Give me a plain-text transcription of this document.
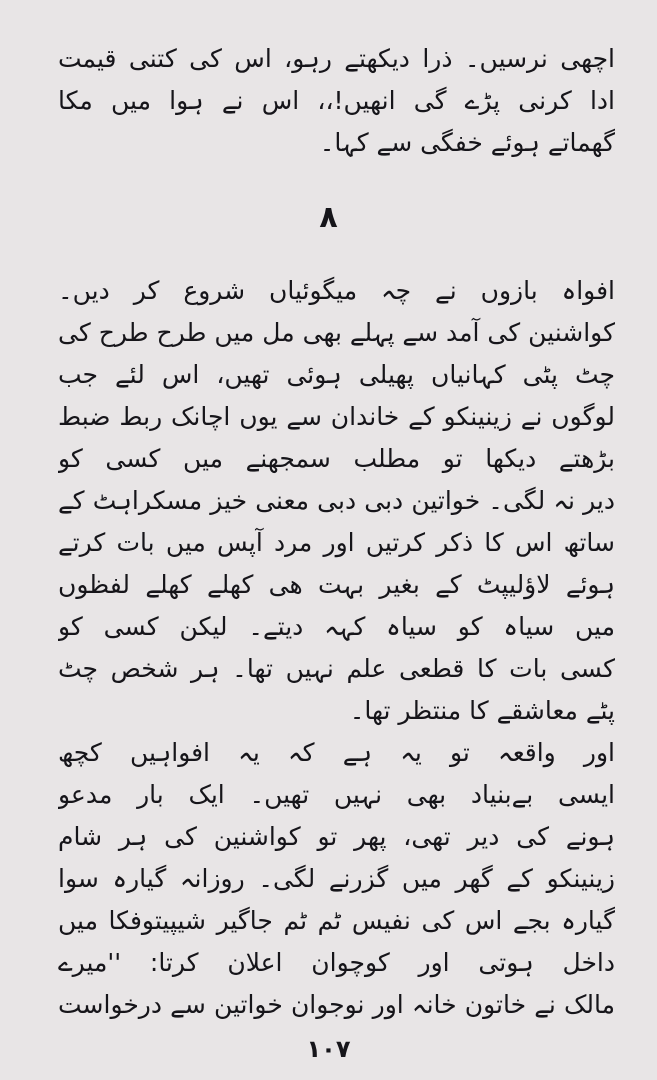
اچھی نرسیں۔ ذرا دیکھتے رہو، اس کی کتنی قیمت
ادا کرنی پڑے گی انھیں!،، اس نے ہوا میں مکا
گھماتے ہوئے خفگی سے کہا۔
۸
افواہ بازوں نے چہ میگوئیاں شروع کر دیں۔
کواشنین کی آمد سے پہلے بھی مل میں طرح طرح کی
چٹ پٹی کہانیاں پھیلی ہوئی تھیں، اس لئے جب
لوگوں نے زینینکو کے خاندان سے یوں اچانک ربط ضبط
بڑھتے دیکھا تو مطلب سمجھنے میں کسی کو
دیر نہ لگی۔ خواتین دبی دبی معنی خیز مسکراہٹ کے
ساتھ اس کا ذکر کرتیں اور مرد آپس میں بات کرتے
ہوئے لاؤلیپٹ کے بغیر بہت ھی کھلے کھلے لفظوں
میں سیاہ کو سیاہ کہہ دیتے۔ لیکن کسی کو
کسی بات کا قطعی علم نہیں تھا۔ ہر شخص چٹ
پٹے معاشقے کا منتظر تھا۔
اور واقعہ تو یہ ہے کہ یہ افواہیں کچھ
ایسی بےبنیاد بھی نہیں تھیں۔ ایک بار مدعو
ہونے کی دیر تھی، پھر تو کواشنین کی ہر شام
زینینکو کے گھر میں گزرنے لگی۔ روزانہ گیارہ سوا
گیارہ بجے اس کی نفیس ٹم ٹم جاگیر شیپیتوفکا میں
داخل ہوتی اور کوچوان اعلان کرتا: ''میرے
مالک نے خاتون خانہ اور نوجوان خواتین سے درخواست
۱۰۷
